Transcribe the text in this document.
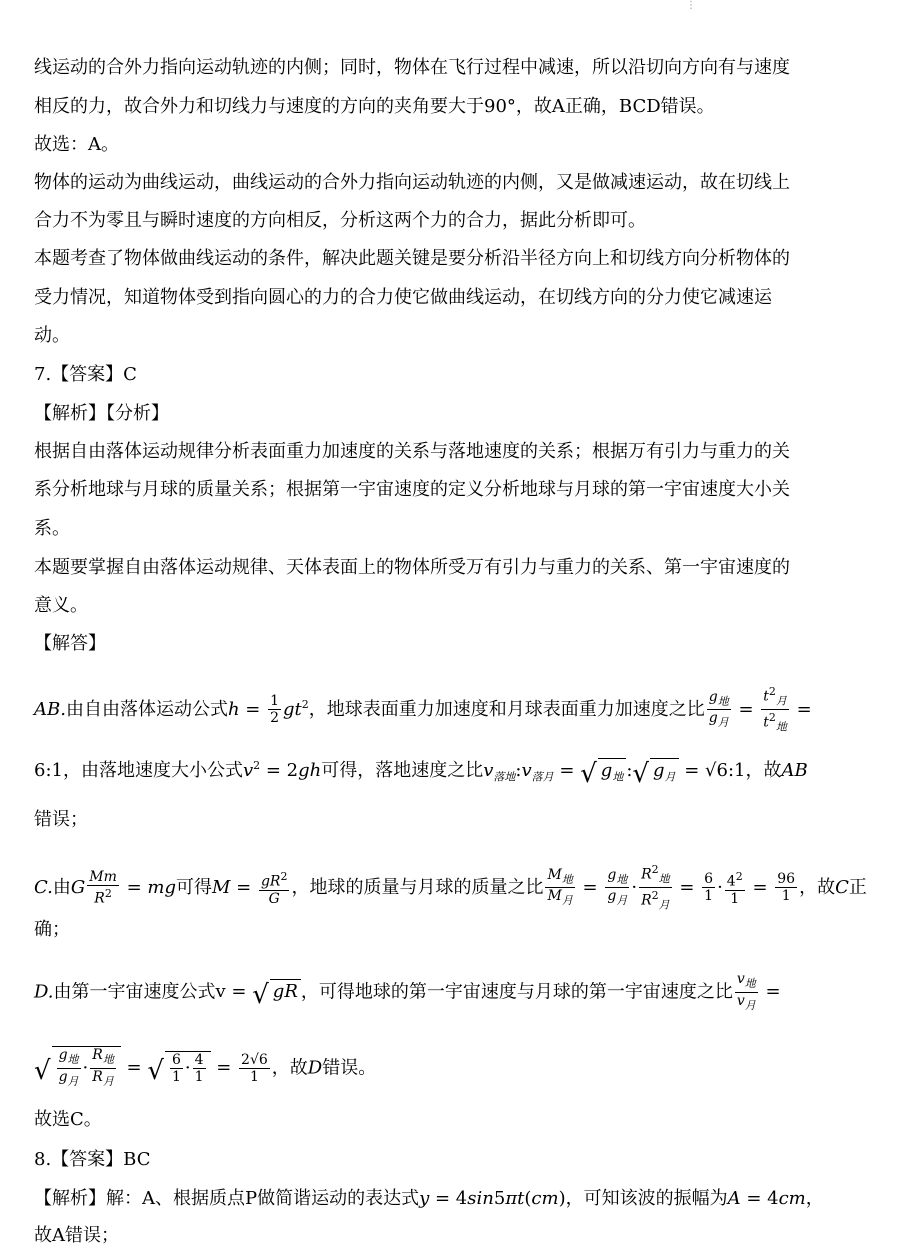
⋮
线运动的合外力指向运动轨迹的内侧；同时，物体在飞行过程中减速，所以沿切向方向有与速度
相反的力，故合外力和切线力与速度的方向的夹角要大于90°，故A正确，BCD错误。
故选：A。
物体的运动为曲线运动，曲线运动的合外力指向运动轨迹的内侧，又是做减速运动，故在切线上
合力不为零且与瞬时速度的方向相反，分析这两个力的合力，据此分析即可。
本题考查了物体做曲线运动的条件，解决此题关键是要分析沿半径方向上和切线方向分析物体的
受力情况，知道物体受到指向圆心的力的合力使它做曲线运动，在切线方向的分力使它减速运
动。
7.【答案】C
【解析】【分析】
根据自由落体运动规律分析表面重力加速度的关系与落地速度的关系；根据万有引力与重力的关
系分析地球与月球的质量关系；根据第一宇宙速度的定义分析地球与月球的第一宇宙速度大小关
系。
本题要掌握自由落体运动规律、天体表面上的物体所受万有引力与重力的关系、第一宇宙速度的
意义。
【解答】
AB.由自由落体运动公式$h = \frac{1}{2} gt^2$，地球表面重力加速度和月球表面重力加速度之比 $\frac{g_地}{g_月} = \frac{t^2_月}{t^2_地}$ =
6:1，由落地速度大小公式$v^2 = 2gh$可得，落地速度之比$v_{落地}:v_{落月}$ = √ $g_地$ :√ $g_月$ = √6:1，故AB
错误；
C.由G $\frac{Mm}{R^2}$ = mg可得$M = \frac{gR^2}{G}$ ，地球的质量与月球的质量之比 $\frac{M_地}{M_月} = \frac{g_地}{g_月} \cdot \frac{R^2_地}{R^2_月} = \frac{6}{1} \cdot \frac{4^2}{1} = \frac{96}{1}$ ，故C正
确；
D.由第一宇宙速度公式v = √ gR ，可得地球的第一宇宙速度与月球的第一宇宙速度之比 $\frac{v_地}{v_月}$ =
√ $\frac{g_地}{g_月} \cdot \frac{R_地}{R_月}$ = √ $\frac{6}{1} \cdot \frac{4}{1} = \frac{2√6}{1}$ ，故D错误。
故选C。
8.【答案】BC
【解析】解：A、根据质点P做简谐运动的表达式y = 4sin5πt(cm)，可知该波的振幅为A = 4cm，
故A错误；
